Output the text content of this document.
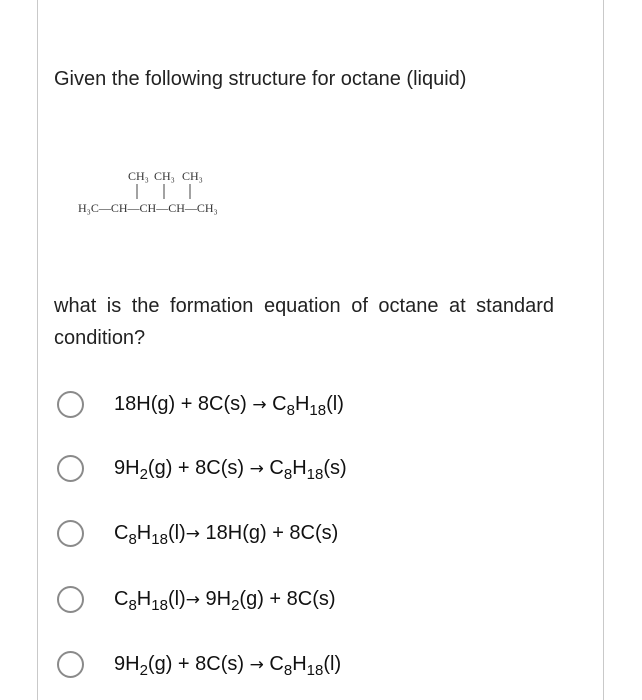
Given the following structure for octane (liquid)
CH₃ CH₃ CH₃
H₃C—CH—CH—CH—CH₃
what is the formation equation of octane at standard condition?
$18H(g) + 8C(s) \to C_8H_{18}(l)$
$9H_2(g) + 8C(s) \to C_8H_{18}(s)$
$C_8H_{18}(l)\to 18H(g) + 8C(s)$
$C_8H_{18}(l)\to 9H_2(g) + 8C(s)$
$9H_2(g) + 8C(s) \to C_8H_{18}(l)$
